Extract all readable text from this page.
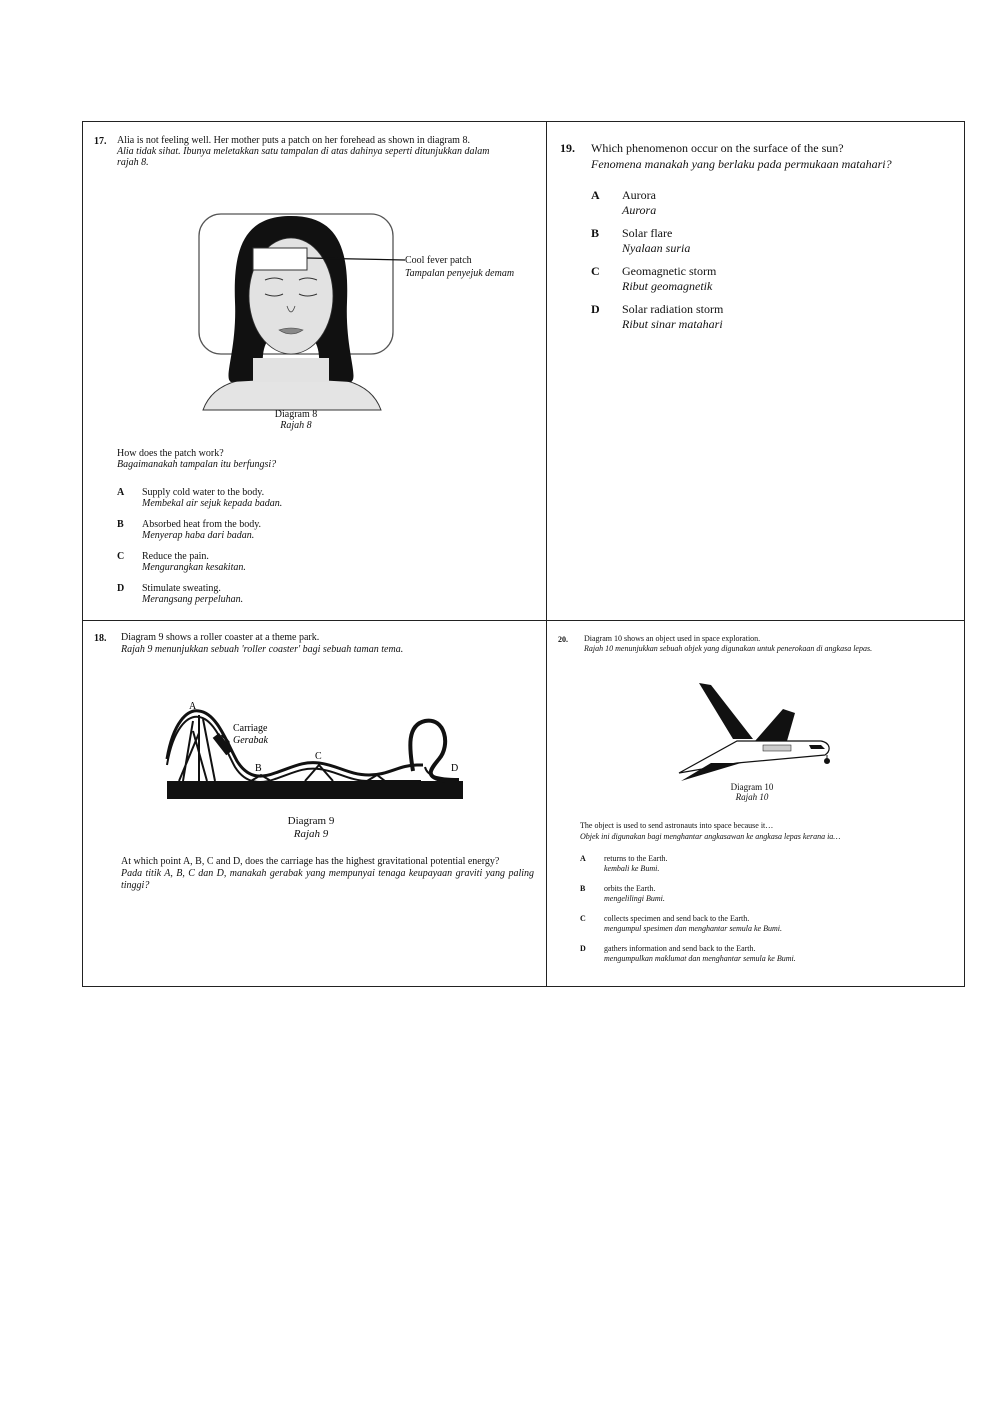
17. Alia is not feeling well. Her mother puts a patch on her forehead as shown in diagram 8.
Alia tidak sihat. Ibunya meletakkan satu tampalan di atas dahinya seperti ditunjukkan dalam rajah 8.
Cool fever patch
Tampalan penyejuk demam
Diagram 8
Rajah 8
How does the patch work?
Bagaimanakah tampalan itu berfungsi?
A Supply cold water to the body.
Membekal air sejuk kepada badan.
B Absorbed heat from the body.
Menyerap haba dari badan.
C Reduce the pain.
Mengurangkan kesakitan.
D Stimulate sweating.
Merangsang perpeluhan.
19. Which phenomenon occur on the surface of the sun?
Fenomena manakah yang berlaku pada permukaan matahari?
A Aurora
Aurora
B Solar flare
Nyalaan suria
C Geomagnetic storm
Ribut geomagnetik
D Solar radiation storm
Ribut sinar matahari
18. Diagram 9 shows a roller coaster at a theme park.
Rajah 9 menunjukkan sebuah 'roller coaster' bagi sebuah taman tema.
A
B
C
D
Carriage
Gerabak
Diagram 9
Rajah 9
At which point A, B, C and D, does the carriage has the highest gravitational potential energy?
Pada titik A, B, C dan D, manakah gerabak yang mempunyai tenaga keupayaan graviti yang paling tinggi?
20. Diagram 10 shows an object used in space exploration.
Rajah 10 menunjukkan sebuah objek yang digunakan untuk penerokaan di angkasa lepas.
Diagram 10
Rajah 10
The object is used to send astronauts into space because it…
Objek ini digunakan bagi menghantar angkasawan ke angkasa lepas kerana ia…
A returns to the Earth.
kembali ke Bumi.
B orbits the Earth.
mengelilingi Bumi.
C collects specimen and send back to the Earth.
mengumpul spesimen dan menghantar semula ke Bumi.
D gathers information and send back to the Earth.
mengumpulkan maklumat dan menghantar semula ke Bumi.
